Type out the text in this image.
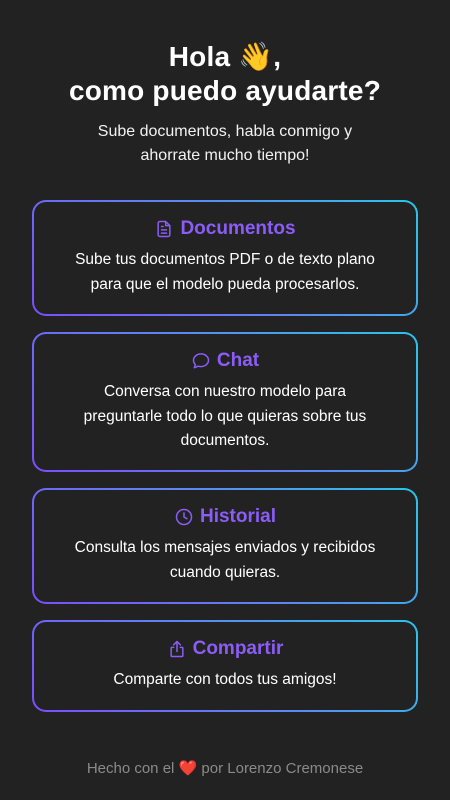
Hola 👋,
como puedo ayudarte?
Sube documentos, habla conmigo y
ahorrate mucho tiempo!
Documentos
Sube tus documentos PDF o de texto plano
para que el modelo pueda procesarlos.
Chat
Conversa con nuestro modelo para
preguntarle todo lo que quieras sobre tus
documentos.
Historial
Consulta los mensajes enviados y recibidos
cuando quieras.
Compartir
Comparte con todos tus amigos!
Hecho con el ❤️ por Lorenzo Cremonese
